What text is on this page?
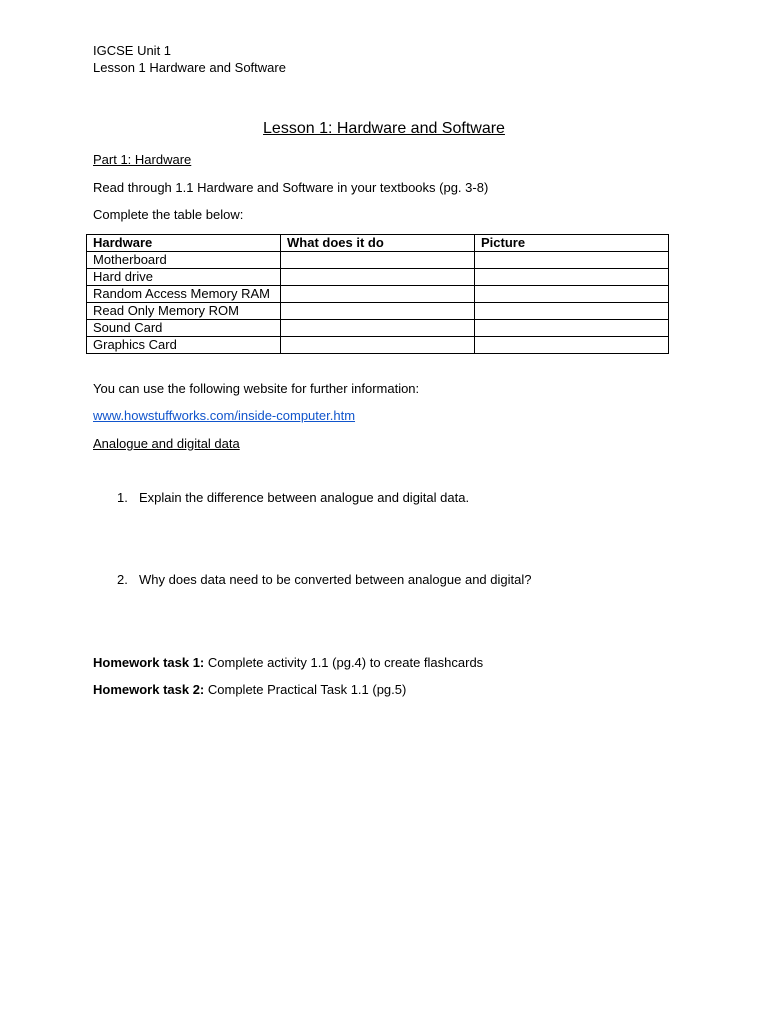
IGCSE Unit 1
Lesson 1 Hardware and Software
Lesson 1: Hardware and Software
Part 1: Hardware
Read through 1.1 Hardware and Software in your textbooks (pg. 3-8)
Complete the table below:
Hardware	What does it do	Picture
Motherboard		
Hard drive		
Random Access Memory RAM		
Read Only Memory ROM		
Sound Card		
Graphics Card		
You can use the following website for further information:
www.howstuffworks.com/inside-computer.htm
Analogue and digital data
1. Explain the difference between analogue and digital data.
2. Why does data need to be converted between analogue and digital?
Homework task 1: Complete activity 1.1 (pg.4) to create flashcards
Homework task 2: Complete Practical Task 1.1 (pg.5)
